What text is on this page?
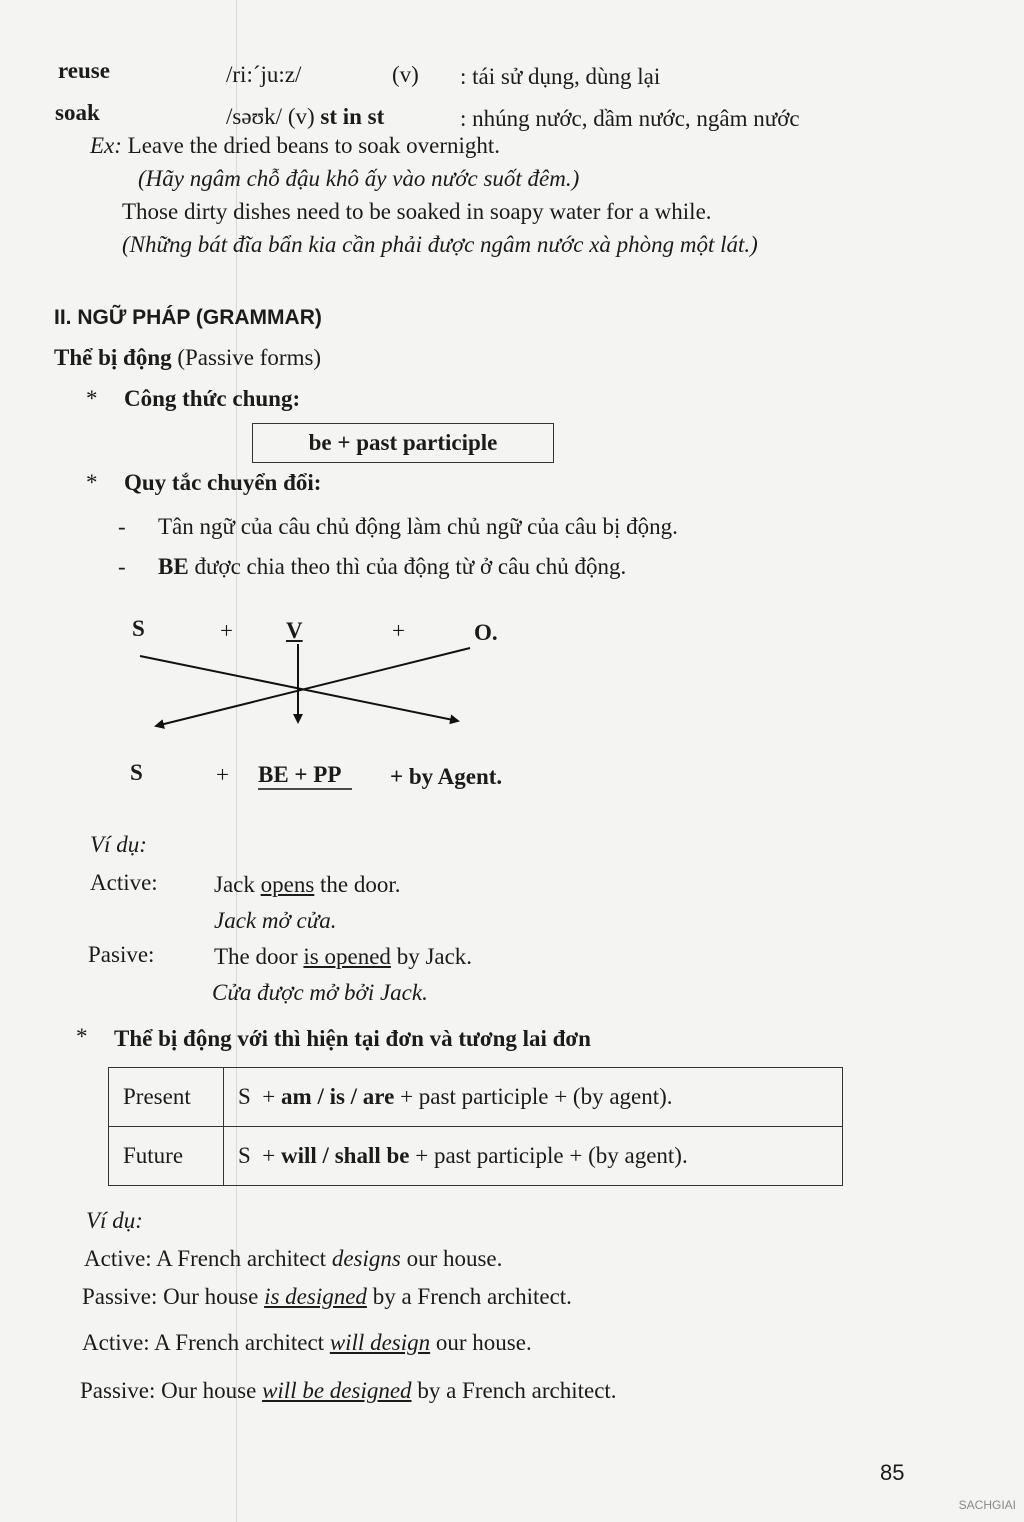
reuse	/ri:ˊju:z/	(v) : tái sử dụng, dùng lại
soak	/səʊk/ (v) st in st	: nhúng nước, dầm nước, ngâm nước
Ex: Leave the dried beans to soak overnight.
(Hãy ngâm chỗ đậu khô ấy vào nước suốt đêm.)
Those dirty dishes need to be soaked in soapy water for a while.
(Những bát đĩa bẩn kia cần phải được ngâm nước xà phòng một lát.)
II. NGỮ PHÁP (GRAMMAR)
Thể bị động (Passive forms)
* Công thức chung:
be + past participle
* Quy tắc chuyển đổi:
- Tân ngữ của câu chủ động làm chủ ngữ của câu bị động.
- BE được chia theo thì của động từ ở câu chủ động.
S	+ V	+	O.
S	+ BE + PP + by Agent.
Ví dụ:
Active: Jack opens the door.
Jack mở cửa.
Pasive:	The door is opened by Jack.
Cửa được mở bởi Jack.
* Thể bị động với thì hiện tại đơn và tương lai đơn
Present	S + am / is / are + past participle + (by agent).
Future	S + will / shall be + past participle + (by agent).
Ví dụ:
Active: A French architect designs our house.
Passive: Our house is designed by a French architect.
Active: A French architect will design our house.
Passive: Our house will be designed by a French architect.
85
SACHGIAI
